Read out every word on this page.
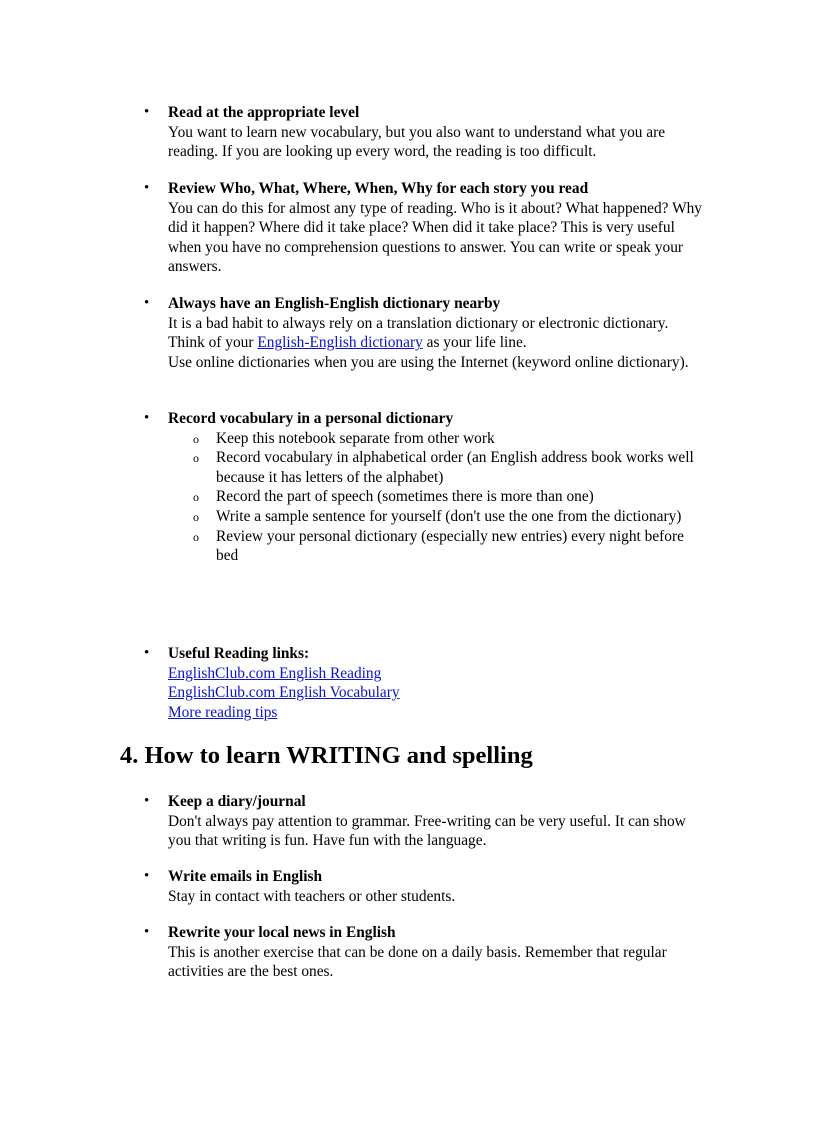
• Read at the appropriate level
You want to learn new vocabulary, but you also want to understand what you are reading. If you are looking up every word, the reading is too difficult.
• Review Who, What, Where, When, Why for each story you read
You can do this for almost any type of reading. Who is it about? What happened? Why did it happen? Where did it take place? When did it take place? This is very useful when you have no comprehension questions to answer. You can write or speak your answers.
• Always have an English-English dictionary nearby
It is a bad habit to always rely on a translation dictionary or electronic dictionary. Think of your English-English dictionary as your life line.
Use online dictionaries when you are using the Internet (keyword online dictionary).
• Record vocabulary in a personal dictionary
o Keep this notebook separate from other work
o Record vocabulary in alphabetical order (an English address book works well because it has letters of the alphabet)
o Record the part of speech (sometimes there is more than one)
o Write a sample sentence for yourself (don't use the one from the dictionary)
o Review your personal dictionary (especially new entries) every night before bed
• Useful Reading links:
EnglishClub.com English Reading
EnglishClub.com English Vocabulary
More reading tips
4. How to learn WRITING and spelling
• Keep a diary/journal
Don't always pay attention to grammar. Free-writing can be very useful. It can show you that writing is fun. Have fun with the language.
• Write emails in English
Stay in contact with teachers or other students.
• Rewrite your local news in English
This is another exercise that can be done on a daily basis. Remember that regular activities are the best ones.
